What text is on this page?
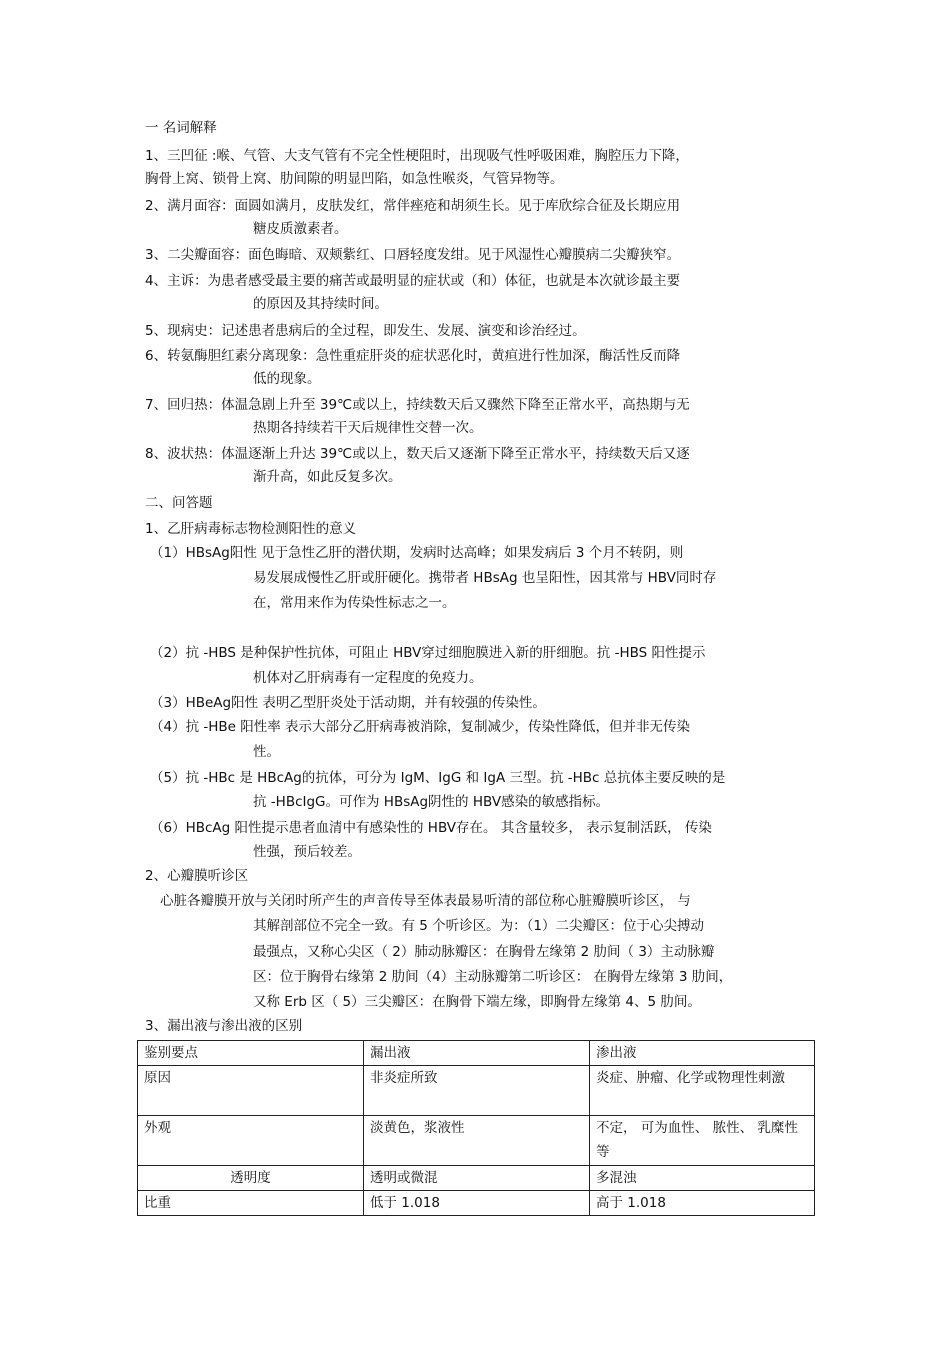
一 名词解释
1、三凹征 :喉、气管、大支气管有不完全性梗阻时，出现吸气性呼吸困难，胸腔压力下降，
胸骨上窝、锁骨上窝、肋间隙的明显凹陷，如急性喉炎，气管异物等。
2、满月面容：面圆如满月，皮肤发红，常伴痤疮和胡须生长。见于库欣综合征及长期应用
糖皮质激素者。
3、二尖瓣面容：面色晦暗、双颊紫红、口唇轻度发绀。见于风湿性心瓣膜病二尖瓣狭窄。
4、主诉：为患者感受最主要的痛苦或最明显的症状或（和）体征，也就是本次就诊最主要
的原因及其持续时间。
5、现病史：记述患者患病后的全过程，即发生、发展、演变和诊治经过。
6、转氨酶胆红素分离现象：急性重症肝炎的症状恶化时，黄疸进行性加深，酶活性反而降
低的现象。
7、回归热：体温急剧上升至 39℃或以上，持续数天后又骤然下降至正常水平，高热期与无
热期各持续若干天后规律性交替一次。
8、波状热：体温逐渐上升达 39℃或以上，数天后又逐渐下降至正常水平，持续数天后又逐
渐升高，如此反复多次。
二、问答题
1、乙肝病毒标志物检测阳性的意义
（1）HBsAg阳性 见于急性乙肝的潜伏期，发病时达高峰；如果发病后 3 个月不转阴，则
易发展成慢性乙肝或肝硬化。携带者 HBsAg 也呈阳性，因其常与 HBV同时存
在，常用来作为传染性标志之一。
（2）抗 -HBS 是种保护性抗体，可阻止 HBV穿过细胞膜进入新的肝细胞。抗 -HBS 阳性提示
机体对乙肝病毒有一定程度的免疫力。
（3）HBeAg阳性 表明乙型肝炎处于活动期，并有较强的传染性。
（4）抗 -HBe 阳性率 表示大部分乙肝病毒被消除，复制减少，传染性降低，但并非无传染
性。
（5）抗 -HBc 是 HBcAg的抗体，可分为 IgM、IgG 和 IgA 三型。抗 -HBc 总抗体主要反映的是
抗 -HBcIgG。可作为 HBsAg阴性的 HBV感染的敏感指标。
（6）HBcAg 阳性提示患者血清中有感染性的 HBV存在。 其含量较多， 表示复制活跃， 传染
性强，预后较差。
2、心瓣膜听诊区
心脏各瓣膜开放与关闭时所产生的声音传导至体表最易听清的部位称心脏瓣膜听诊区， 与
其解剖部位不完全一致。有 5 个听诊区。为：（1）二尖瓣区：位于心尖搏动
最强点，又称心尖区（ 2）肺动脉瓣区：在胸骨左缘第 2 肋间（ 3）主动脉瓣
区：位于胸骨右缘第 2 肋间（4）主动脉瓣第二听诊区： 在胸骨左缘第 3 肋间，
又称 Erb 区（ 5）三尖瓣区：在胸骨下端左缘，即胸骨左缘第 4、5 肋间。
3、漏出液与渗出液的区别
鉴别要点	漏出液	渗出液
原因	非炎症所致	炎症、肿瘤、化学或物理性刺激
外观	淡黄色，浆液性	不定， 可为血性、 脓性、 乳糜性等
透明度	透明或微混	多混浊
比重	低于 1.018	高于 1.018
